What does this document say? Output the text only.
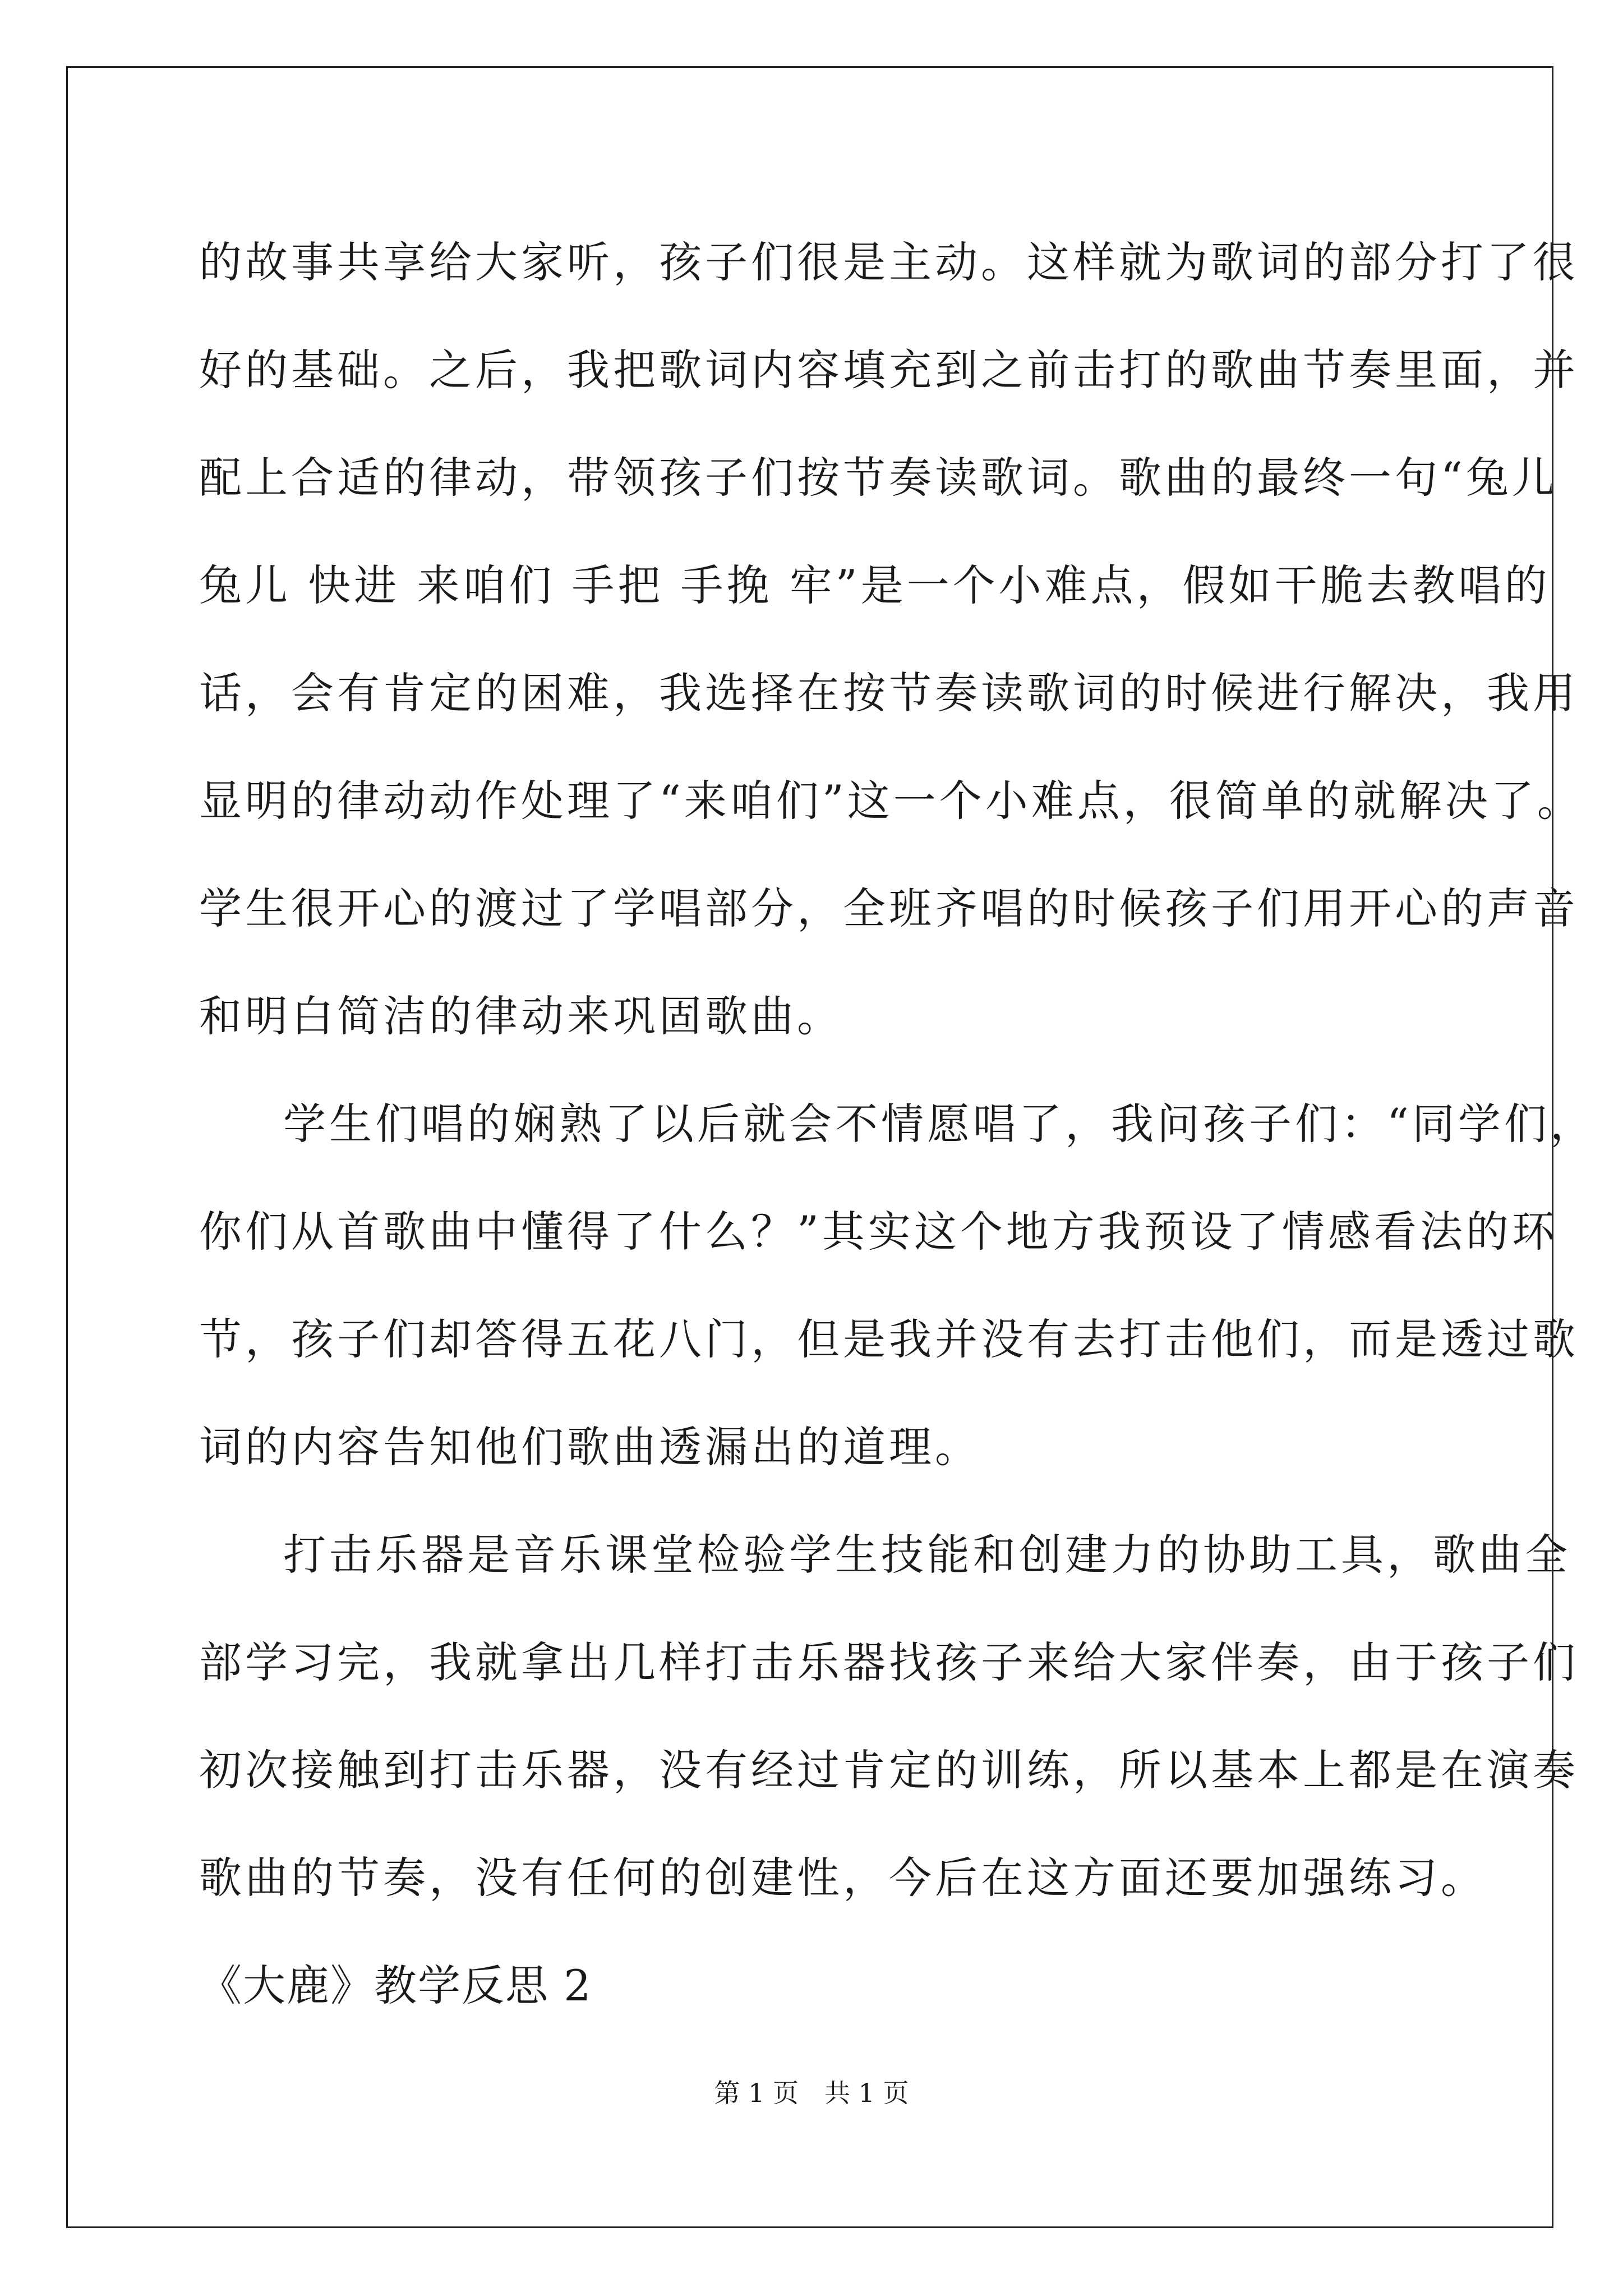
的故事共享给大家听，孩子们很是主动。这样就为歌词的部分打了很
好的基础。之后，我把歌词内容填充到之前击打的歌曲节奏里面，并
配上合适的律动，带领孩子们按节奏读歌词。歌曲的最终一句“兔儿
兔儿 快进 来咱们 手把 手挽 牢”是一个小难点，假如干脆去教唱的
话，会有肯定的困难，我选择在按节奏读歌词的时候进行解决，我用
显明的律动动作处理了“来咱们”这一个小难点，很简单的就解决了。
学生很开心的渡过了学唱部分，全班齐唱的时候孩子们用开心的声音
和明白简洁的律动来巩固歌曲。
学生们唱的娴熟了以后就会不情愿唱了，我问孩子们：“同学们，
你们从首歌曲中懂得了什么？”其实这个地方我预设了情感看法的环
节，孩子们却答得五花八门，但是我并没有去打击他们，而是透过歌
词的内容告知他们歌曲透漏出的道理。
打击乐器是音乐课堂检验学生技能和创建力的协助工具，歌曲全
部学习完，我就拿出几样打击乐器找孩子来给大家伴奏，由于孩子们
初次接触到打击乐器，没有经过肯定的训练，所以基本上都是在演奏
歌曲的节奏，没有任何的创建性，今后在这方面还要加强练习。
《大鹿》教学反思 2
第 1 页　共 1 页
